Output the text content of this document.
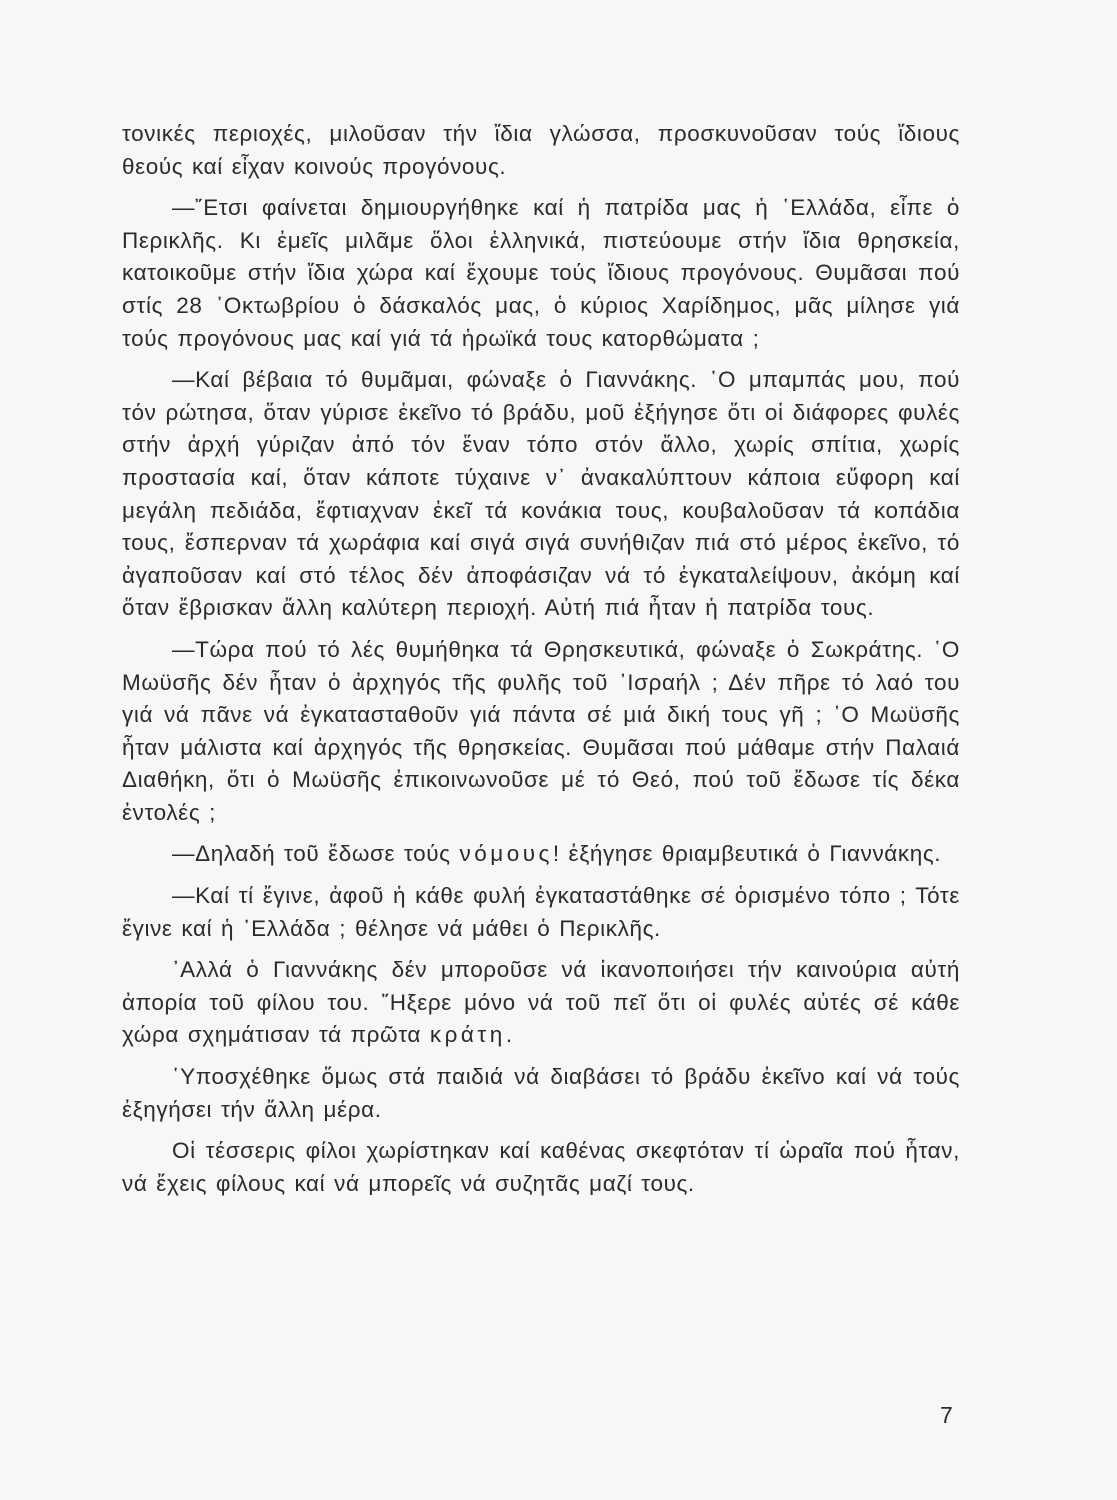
τονικές περιοχές, μιλοῦσαν τήν ἴδια γλώσσα, προσκυνοῦσαν τούς ἴδιους θεούς καί εἶχαν κοινούς προγόνους.

—῎Ετσι φαίνεται δημιουργήθηκε καί ἡ πατρίδα μας ἡ ῾Ελλάδα, εἶπε ὁ Περικλῆς. Κι ἐμεῖς μιλᾶμε ὅλοι ἑλληνικά, πιστεύουμε στήν ἴδια θρησκεία, κατοικοῦμε στήν ἴδια χώρα καί ἔχουμε τούς ἴδιους προγόνους. Θυμᾶσαι πού στίς 28 ᾽Οκτωβρίου ὁ δάσκαλός μας, ὁ κύριος Χαρίδημος, μᾶς μίλησε γιά τούς προγόνους μας καί γιά τά ἡρωϊκά τους κατορθώματα ;

—Καί βέβαια τό θυμᾶμαι, φώναξε ὁ Γιαννάκης. ῾Ο μπαμπάς μου, πού τόν ρώτησα, ὅταν γύρισε ἐκεῖνο τό βράδυ, μοῦ ἐξήγησε ὅτι οἱ διάφορες φυλές στήν ἀρχή γύριζαν ἀπό τόν ἕναν τόπο στόν ἄλλο, χωρίς σπίτια, χωρίς προστασία καί, ὅταν κάποτε τύχαινε ν᾽ ἀνακαλύπτουν κάποια εὔφορη καί μεγάλη πεδιάδα, ἔφτιαχναν ἐκεῖ τά κονάκια τους, κουβαλοῦσαν τά κοπάδια τους, ἔσπερναν τά χωράφια καί σιγά σιγά συνήθιζαν πιά στό μέρος ἐκεῖνο, τό ἀγαποῦσαν καί στό τέλος δέν ἀποφάσιζαν νά τό ἐγκαταλείψουν, ἀκόμη καί ὅταν ἔβρισκαν ἄλλη καλύτερη περιοχή. Αὐτή πιά ἦταν ἡ πατρίδα τους.

—Τώρα πού τό λές θυμήθηκα τά Θρησκευτικά, φώναξε ὁ Σωκράτης. ῾Ο Μωϋσῆς δέν ἦταν ὁ ἀρχηγός τῆς φυλῆς τοῦ ᾽Ισραήλ ; Δέν πῆρε τό λαό του γιά νά πᾶνε νά ἐγκατασταθοῦν γιά πάντα σέ μιά δική τους γῆ ; ῾Ο Μωϋσῆς ἦταν μάλιστα καί ἀρχηγός τῆς θρησκείας. Θυμᾶσαι πού μάθαμε στήν Παλαιά Διαθήκη, ὅτι ὁ Μωϋσῆς ἐπικοινωνοῦσε μέ τό Θεό, πού τοῦ ἔδωσε τίς δέκα ἐντολές ;

—Δηλαδή τοῦ ἔδωσε τούς νόμους! ἐξήγησε θριαμβευτικά ὁ Γιαννάκης.

—Καί τί ἔγινε, ἀφοῦ ἡ κάθε φυλή ἐγκαταστάθηκε σέ ὁρισμένο τόπο ; Τότε ἔγινε καί ἡ ῾Ελλάδα ; θέλησε νά μάθει ὁ Περικλῆς.

᾽Αλλά ὁ Γιαννάκης δέν μποροῦσε νά ἱκανοποιήσει τήν καινούρια αὐτή ἀπορία τοῦ φίλου του. ῎Ηξερε μόνο νά τοῦ πεῖ ὅτι οἱ φυλές αὐτές σέ κάθε χώρα σχημάτισαν τά πρῶτα κράτη.

῾Υποσχέθηκε ὅμως στά παιδιά νά διαβάσει τό βράδυ ἐκεῖνο καί νά τούς ἐξηγήσει τήν ἄλλη μέρα.

Οἱ τέσσερις φίλοι χωρίστηκαν καί καθένας σκεφτόταν τί ὡραῖα πού ἦταν, νά ἔχεις φίλους καί νά μπορεῖς νά συζητᾶς μαζί τους.

7
